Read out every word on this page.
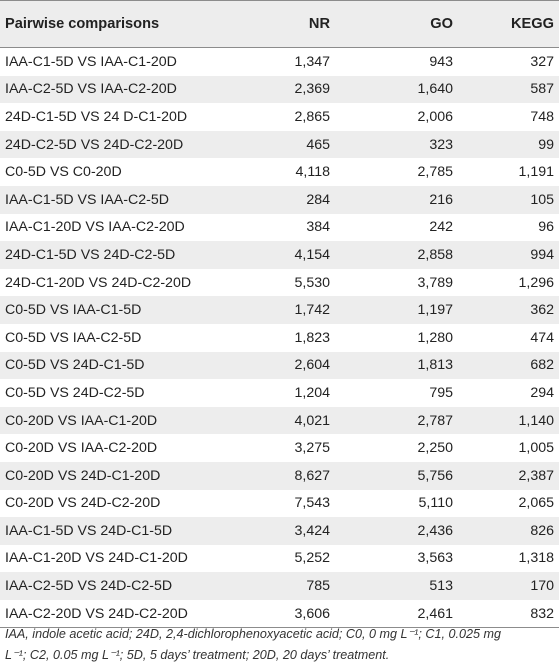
Pairwise comparisons	NR	GO	KEGG
IAA-C1-5D VS IAA-C1-20D	1,347	943	327
IAA-C2-5D VS IAA-C2-20D	2,369	1,640	587
24D-C1-5D VS 24 D-C1-20D	2,865	2,006	748
24D-C2-5D VS 24D-C2-20D	465	323	99
C0-5D VS C0-20D	4,118	2,785	1,191
IAA-C1-5D VS IAA-C2-5D	284	216	105
IAA-C1-20D VS IAA-C2-20D	384	242	96
24D-C1-5D VS 24D-C2-5D	4,154	2,858	994
24D-C1-20D VS 24D-C2-20D	5,530	3,789	1,296
C0-5D VS IAA-C1-5D	1,742	1,197	362
C0-5D VS IAA-C2-5D	1,823	1,280	474
C0-5D VS 24D-C1-5D	2,604	1,813	682
C0-5D VS 24D-C2-5D	1,204	795	294
C0-20D VS IAA-C1-20D	4,021	2,787	1,140
C0-20D VS IAA-C2-20D	3,275	2,250	1,005
C0-20D VS 24D-C1-20D	8,627	5,756	2,387
C0-20D VS 24D-C2-20D	7,543	5,110	2,065
IAA-C1-5D VS 24D-C1-5D	3,424	2,436	826
IAA-C1-20D VS 24D-C1-20D	5,252	3,563	1,318
IAA-C2-5D VS 24D-C2-5D	785	513	170
IAA-C2-20D VS 24D-C2-20D	3,606	2,461	832
IAA, indole acetic acid; 24D, 2,4-dichlorophenoxyacetic acid; C0, 0 mg L⁻¹; C1, 0.025 mg
L⁻¹; C2, 0.05 mg L⁻¹; 5D, 5 days’ treatment; 20D, 20 days’ treatment.
